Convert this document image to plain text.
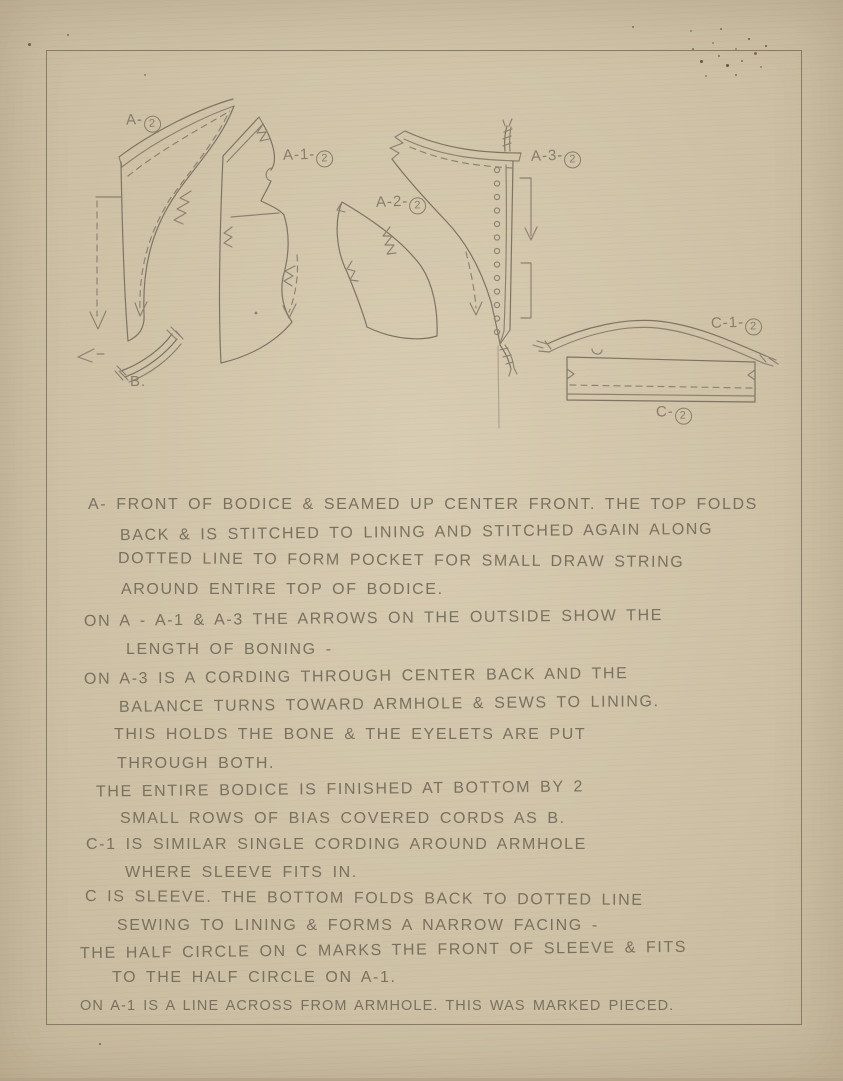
A- 2
A-1- 2
A-2- 2
A-3- 2
C-1- 2
C- 2
B.
A- FRONT OF BODICE & SEAMED UP CENTER FRONT. THE TOP FOLDS
BACK & IS STITCHED TO LINING AND STITCHED AGAIN ALONG
DOTTED LINE TO FORM POCKET FOR SMALL DRAW STRING
AROUND ENTIRE TOP OF BODICE.
ON A - A-1 & A-3 THE ARROWS ON THE OUTSIDE SHOW THE
LENGTH OF BONING -
ON A-3 IS A CORDING THROUGH CENTER BACK AND THE
BALANCE TURNS TOWARD ARMHOLE & SEWS TO LINING.
THIS HOLDS THE BONE & THE EYELETS ARE PUT
THROUGH BOTH.
THE ENTIRE BODICE IS FINISHED AT BOTTOM BY 2
SMALL ROWS OF BIAS COVERED CORDS AS B.
C-1 IS SIMILAR SINGLE CORDING AROUND ARMHOLE
WHERE SLEEVE FITS IN.
C IS SLEEVE. THE BOTTOM FOLDS BACK TO DOTTED LINE
SEWING TO LINING & FORMS A NARROW FACING -
THE HALF CIRCLE ON C MARKS THE FRONT OF SLEEVE & FITS
TO THE HALF CIRCLE ON A-1.
ON A-1 IS A LINE ACROSS FROM ARMHOLE. THIS WAS MARKED PIECED.
